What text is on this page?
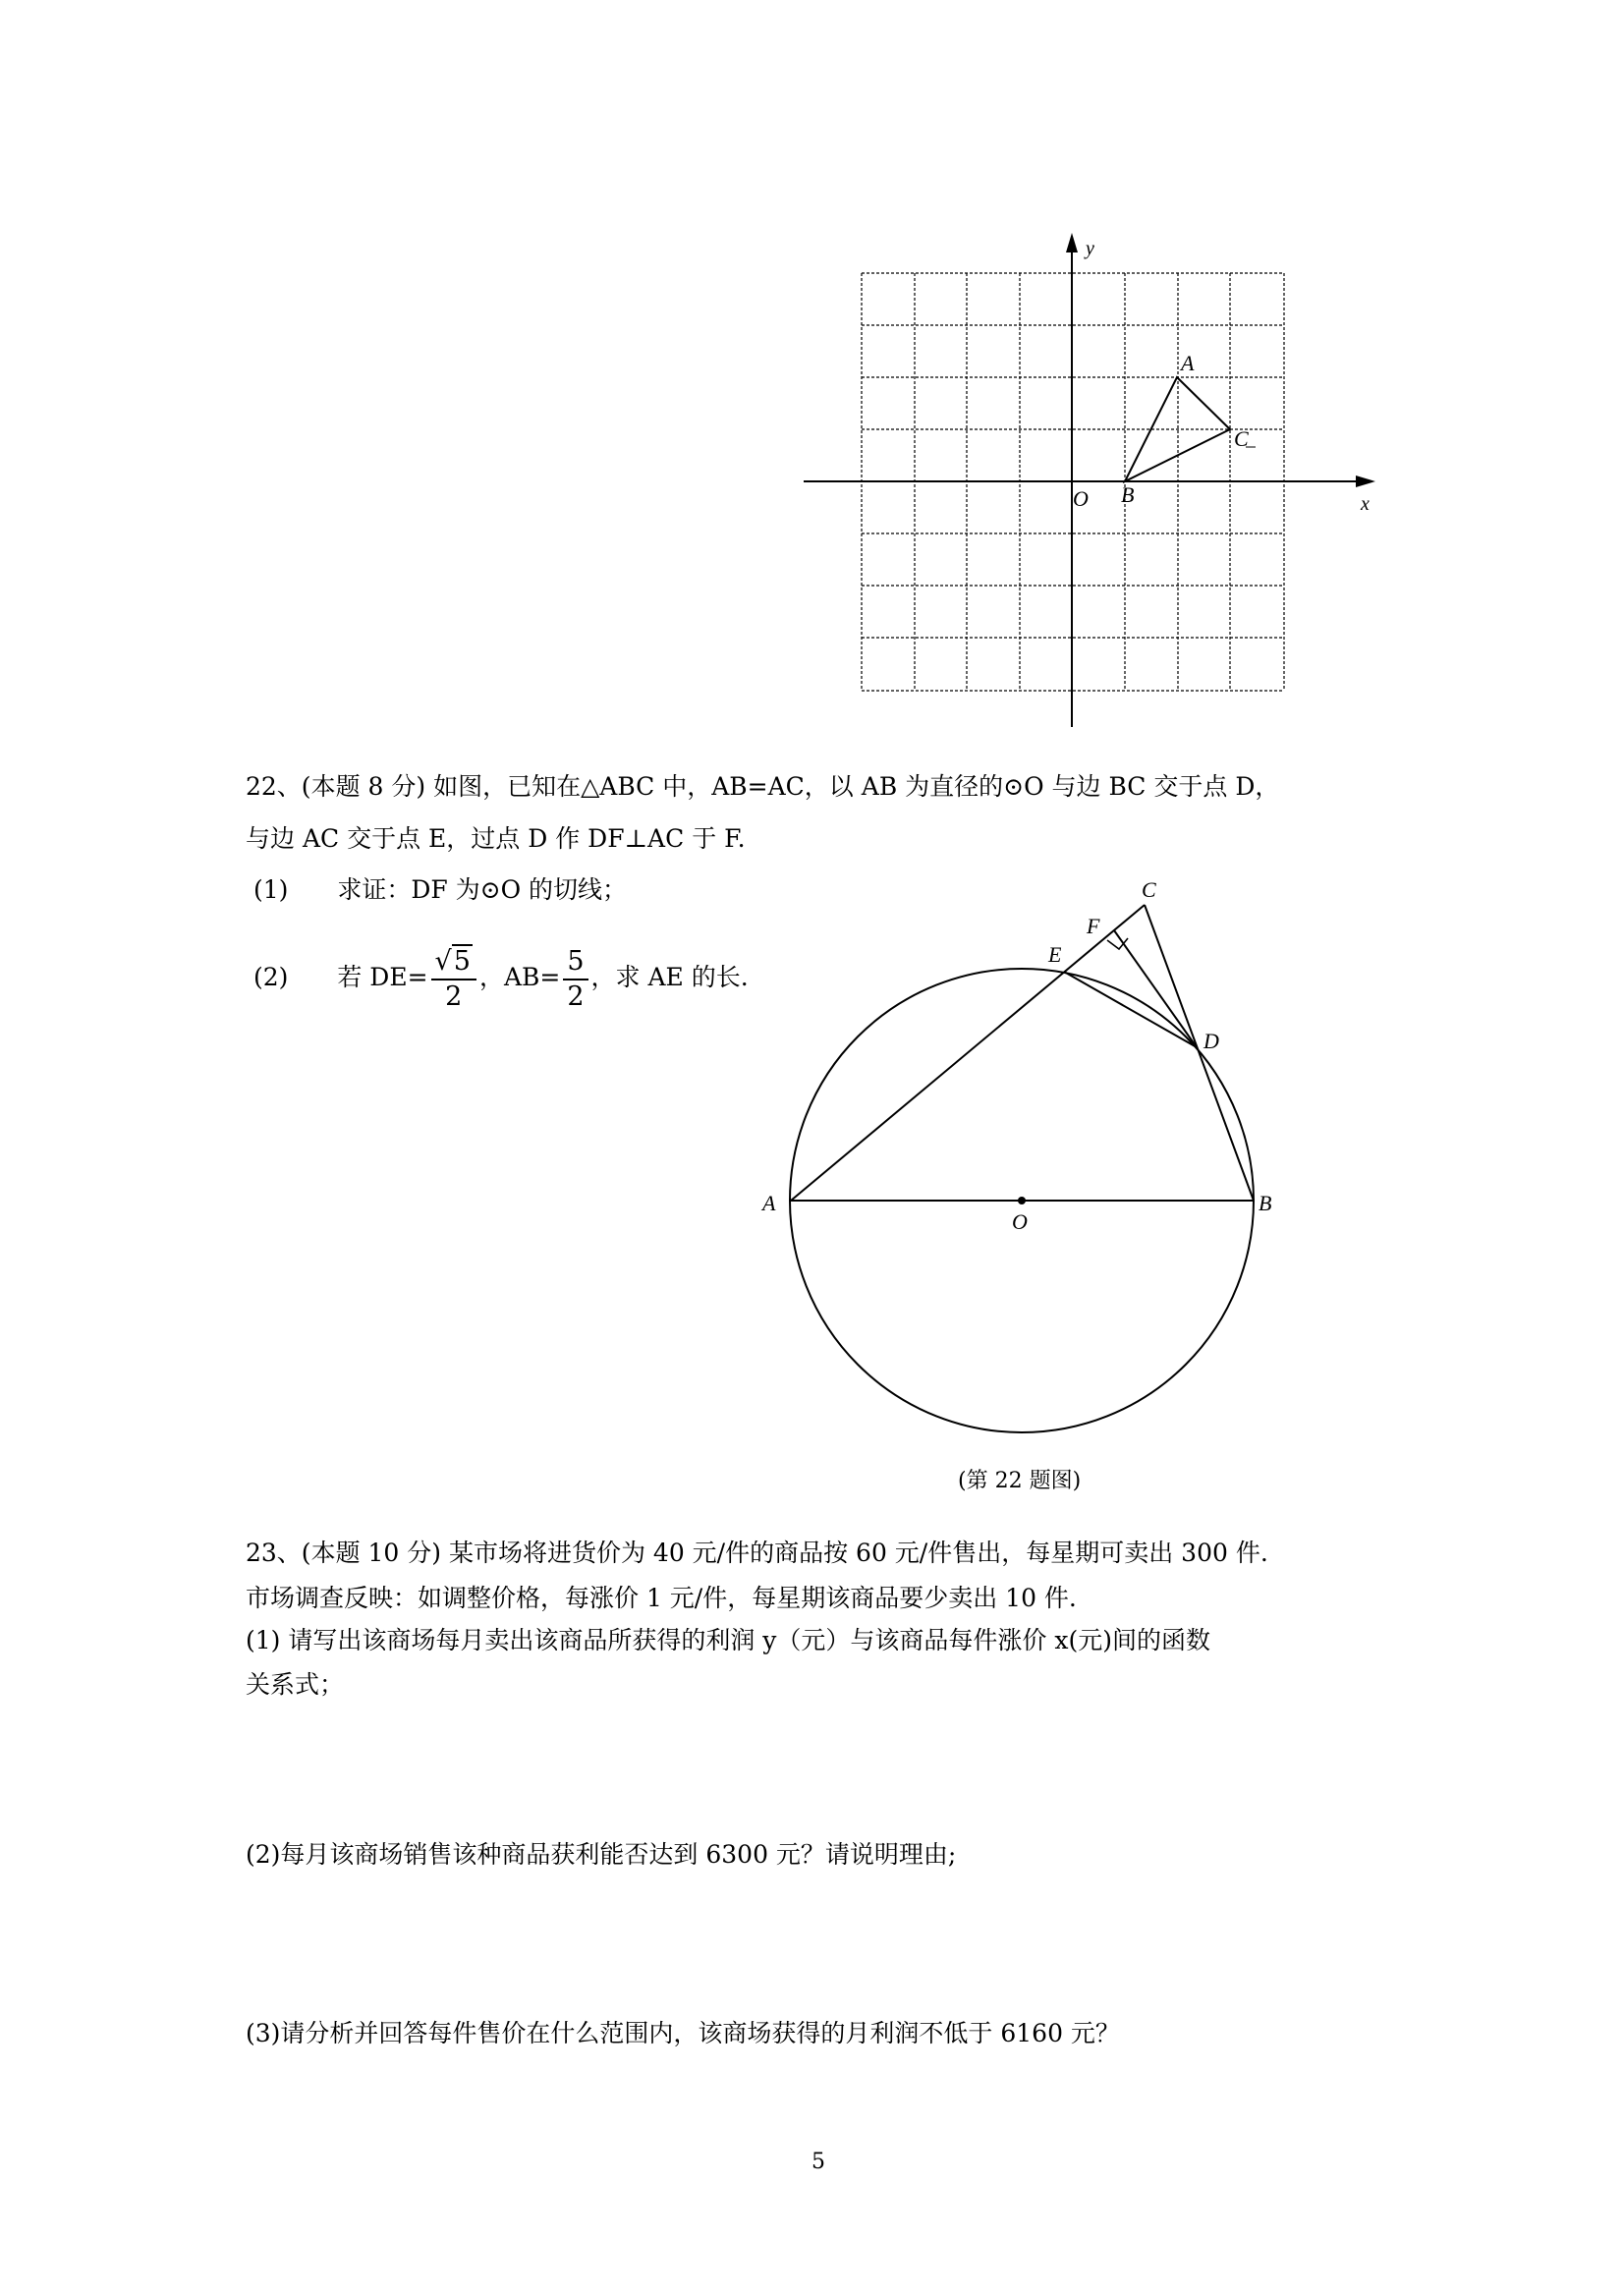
y
x
O
A
B
C
22、(本题 8 分) 如图，已知在△ABC 中，AB=AC，以 AB 为直径的⊙O 与边 BC 交于点 D，
与边 AC 交于点 E，过点 D 作 DF⊥AC 于 F.
(1) 求证：DF 为⊙O 的切线；
(2) 若 $DE= \frac{√5}{2}$ ，$AB= \frac{5}{2}$ ，求 AE 的长.
A	B
C
D
E
F
O
(第 22 题图)
23、(本题 10 分) 某市场将进货价为 40 元/件的商品按 60 元/件售出，每星期可卖出 300 件.
市场调查反映：如调整价格，每涨价 1 元/件，每星期该商品要少卖出 10 件.
(1) 请写出该商场每月卖出该商品所获得的利润 y（元）与该商品每件涨价 x(元)间的函数
关系式；
(2)每月该商场销售该种商品获利能否达到 6300 元？请说明理由;
(3)请分析并回答每件售价在什么范围内，该商场获得的月利润不低于 6160 元？
5
